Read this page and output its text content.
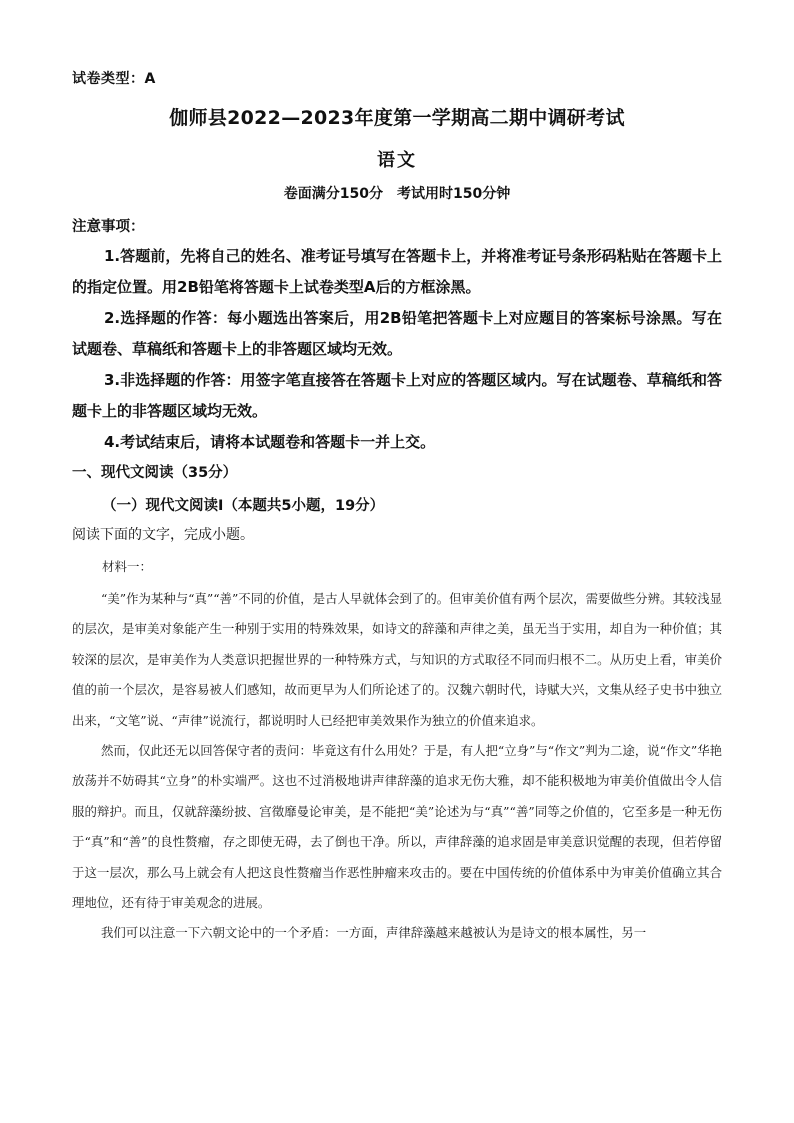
试卷类型：A
伽师县2022—2023年度第一学期高二期中调研考试
语文
卷面满分150分　考试用时150分钟
注意事项：

1.答题前，先将自己的姓名、准考证号填写在答题卡上，并将准考证号条形码粘贴在答题卡上的指定位置。用2B铅笔将答题卡上试卷类型A后的方框涂黑。

2.选择题的作答：每小题选出答案后，用2B铅笔把答题卡上对应题目的答案标号涂黑。写在试题卷、草稿纸和答题卡上的非答题区域均无效。

3.非选择题的作答：用签字笔直接答在答题卡上对应的答题区域内。写在试题卷、草稿纸和答题卡上的非答题区域均无效。

4.考试结束后，请将本试题卷和答题卡一并上交。

一、现代文阅读（35分）
（一）现代文阅读Ⅰ（本题共5小题，19分）
阅读下面的文字，完成小题。
材料一：

“美”作为某种与“真”“善”不同的价值，是古人早就体会到了的。但审美价值有两个层次，需要做些分辨。其较浅显的层次，是审美对象能产生一种别于实用的特殊效果，如诗文的辞藻和声律之美，虽无当于实用，却自为一种价值；其较深的层次，是审美作为人类意识把握世界的一种特殊方式，与知识的方式取径不同而归根不二。从历史上看，审美价值的前一个层次，是容易被人们感知，故而更早为人们所论述了的。汉魏六朝时代，诗赋大兴，文集从经子史书中独立出来，“文笔”说、“声律”说流行，都说明时人已经把审美效果作为独立的价值来追求。

然而，仅此还无以回答保守者的责问：毕竟这有什么用处？于是，有人把“立身”与“作文”判为二途，说“作文”华艳放荡并不妨碍其“立身”的朴实端严。这也不过消极地讲声律辞藻的追求无伤大雅，却不能积极地为审美价值做出令人信服的辩护。而且，仅就辞藻纷披、宫徵靡曼论审美，是不能把“美”论述为与“真”“善”同等之价值的，它至多是一种无伤于“真”和“善”的良性赘瘤，存之即使无碍，去了倒也干净。所以，声律辞藻的追求固是审美意识觉醒的表现，但若停留于这一层次，那么马上就会有人把这良性赘瘤当作恶性肿瘤来攻击的。要在中国传统的价值体系中为审美价值确立其合理地位，还有待于审美观念的进展。

我们可以注意一下六朝文论中的一个矛盾：一方面，声律辞藻越来越被认为是诗文的根本属性，另一
